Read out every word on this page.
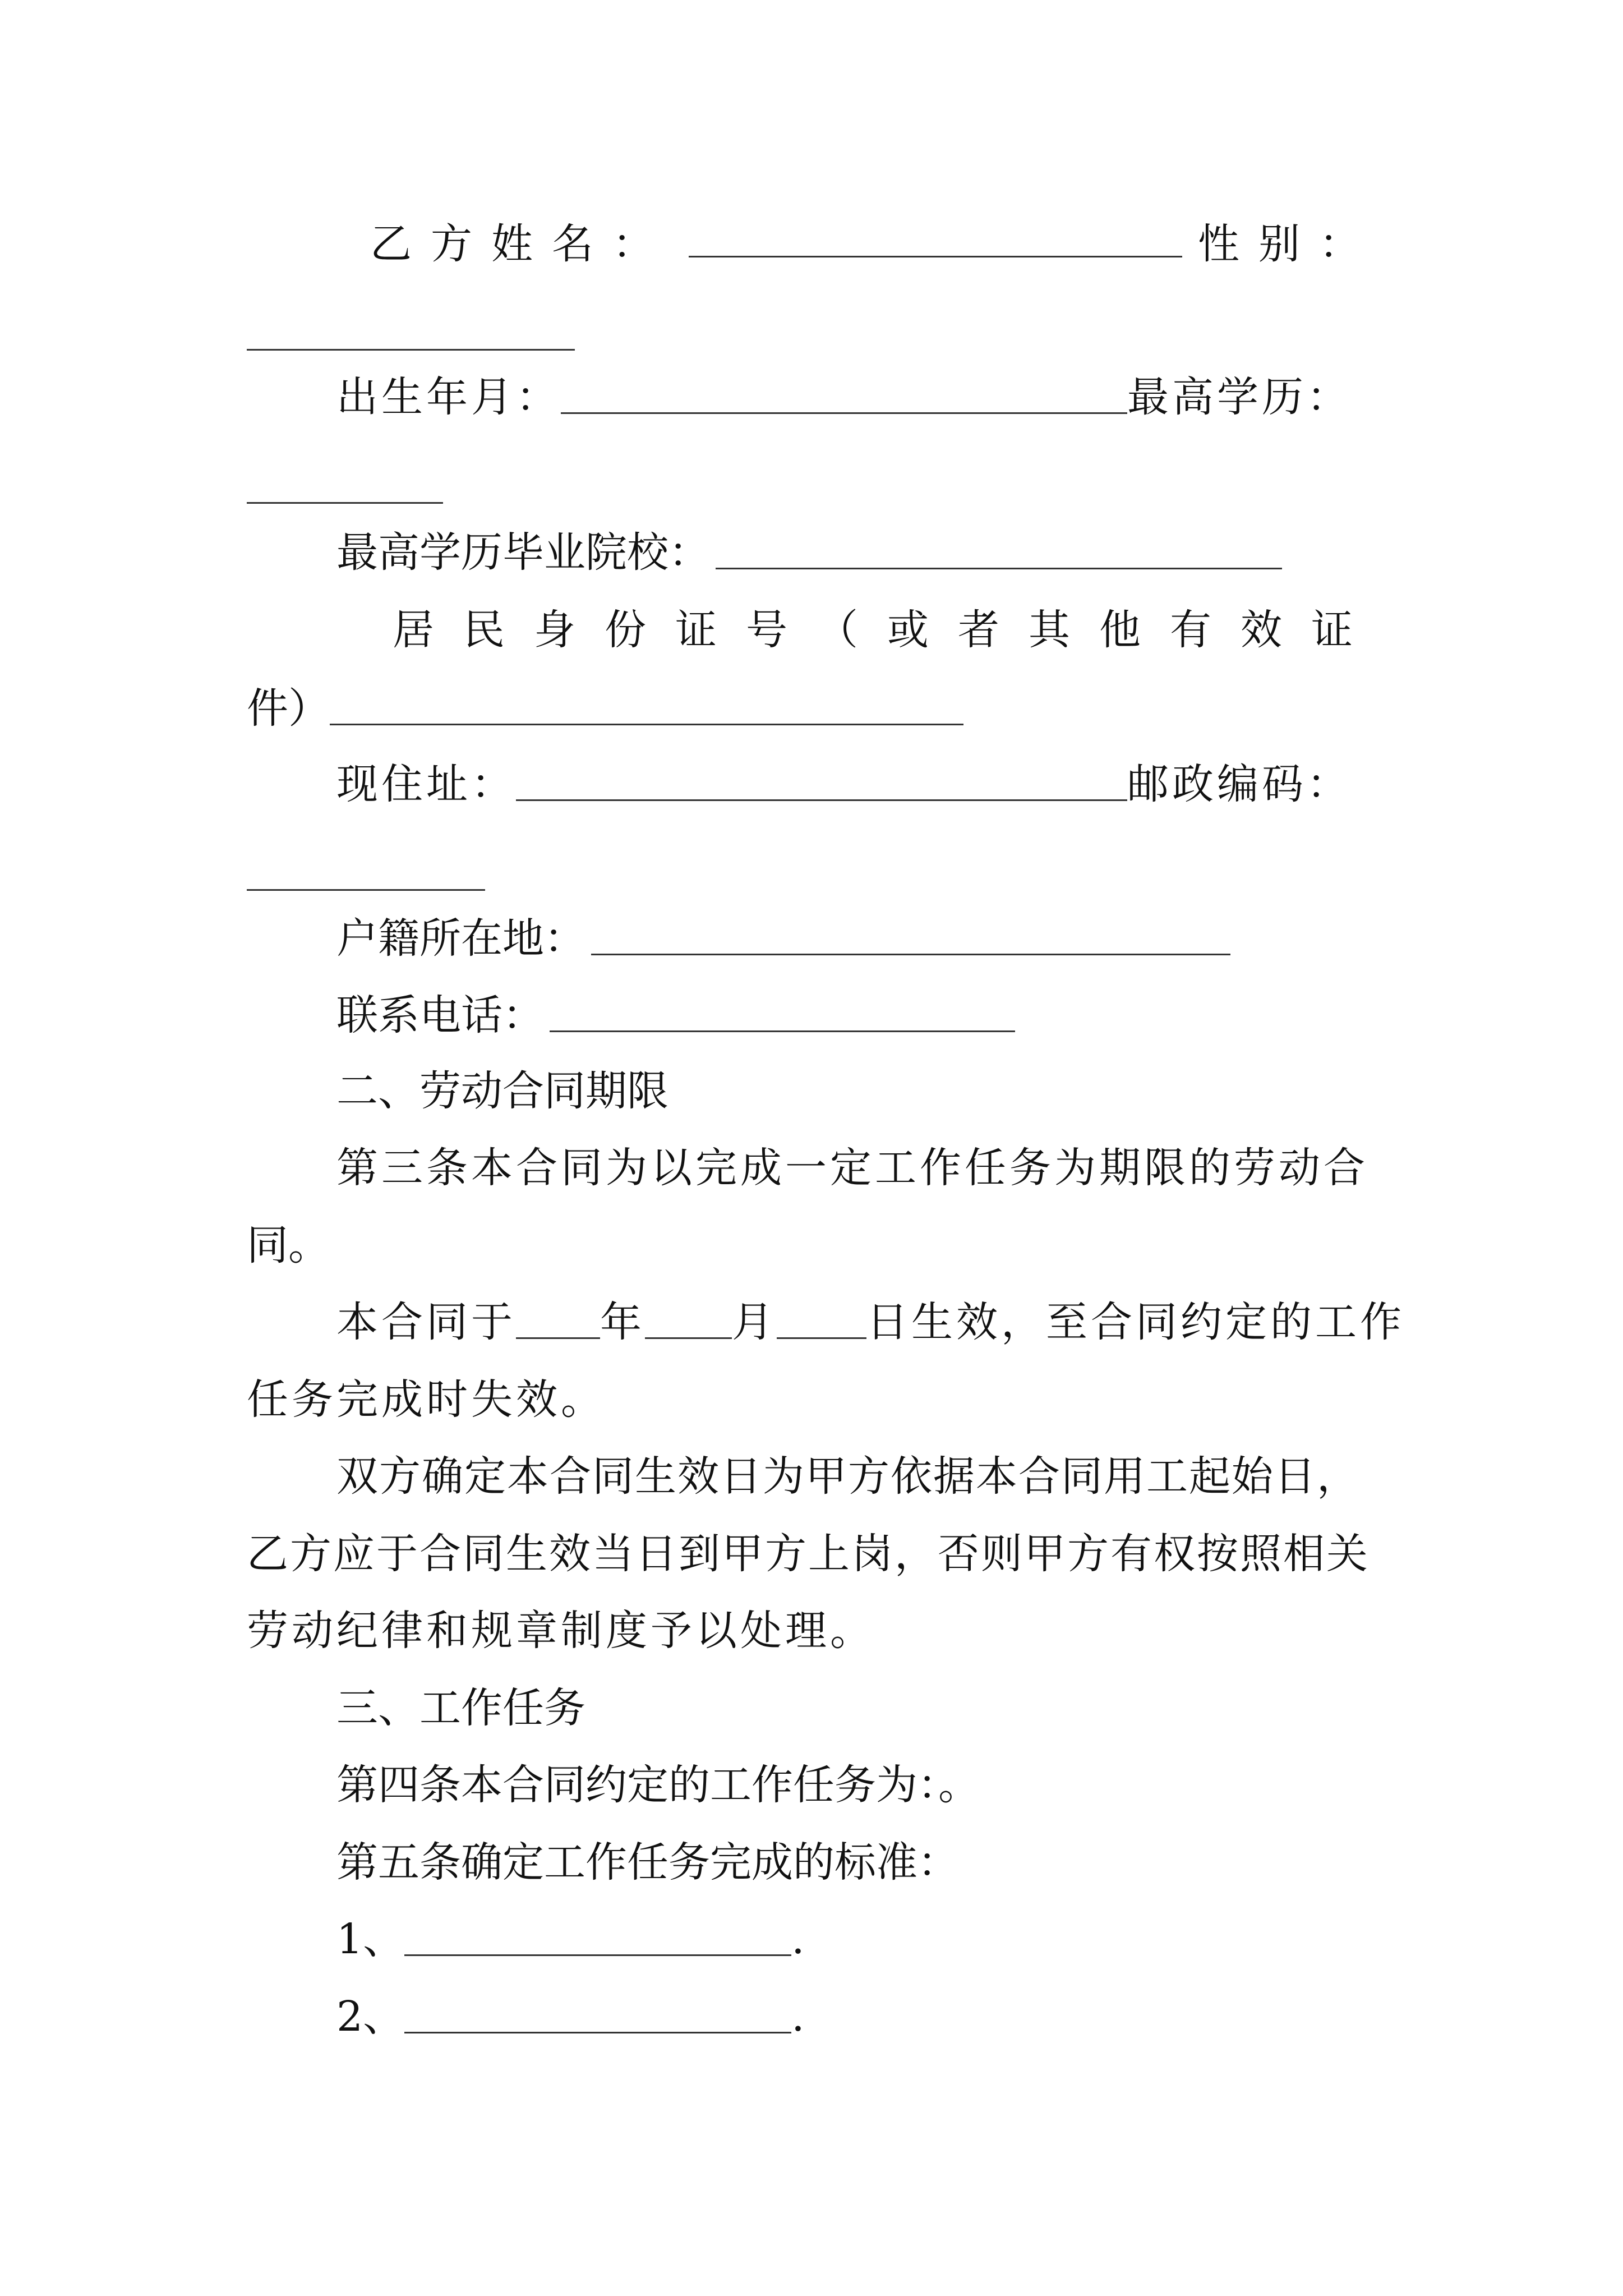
乙方姓名：	性别：
出生年月：	最高学历：
最高学历毕业院校：
居民身份证号（或者其他有效证
件）
现住址：	邮政编码：
户籍所在地：
联系电话：
二、劳动合同期限
第三条本合同为以完成一定工作任务为期限的劳动合
同。
本合同于 年 月 日生效，至合同约定的工作
任务完成时失效。
双方确定本合同生效日为甲方依据本合同用工起始日，
乙方应于合同生效当日到甲方上岗，否则甲方有权按照相关
劳动纪律和规章制度予以处理。
三、工作任务
第四条本合同约定的工作任务为：。
第五条确定工作任务完成的标准：
1、	.
2、	.
